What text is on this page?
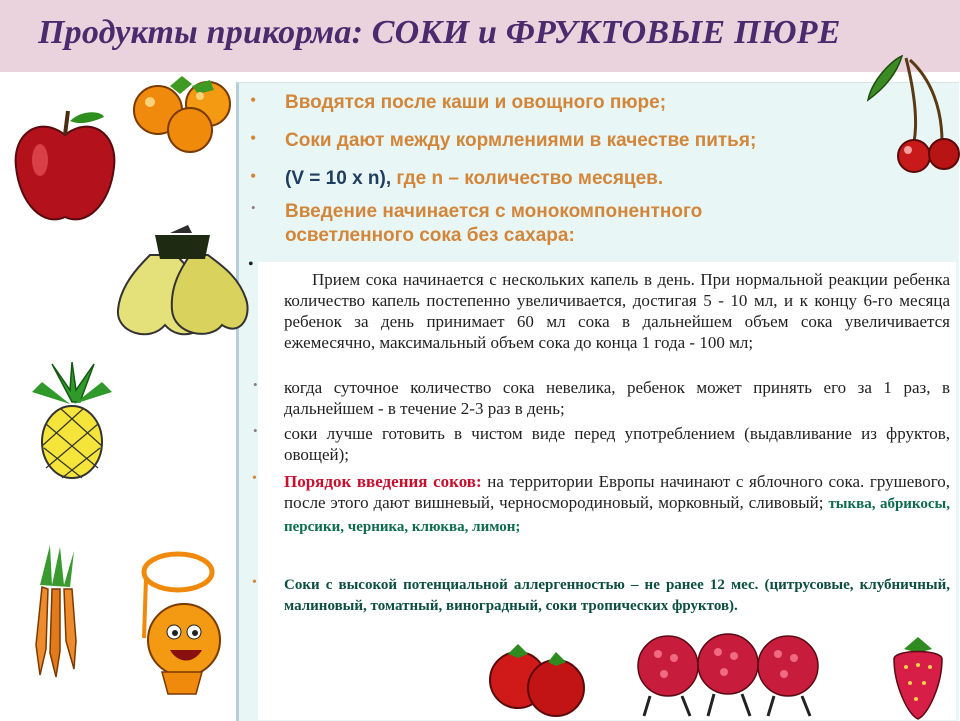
Продукты прикорма: СОКИ и ФРУКТОВЫЕ ПЮРЕ
• Вводятся после каши и овощного пюре;
• Соки дают между кормлениями в качестве питья;
• (V = 10 x n), где n – количество месяцев.
• Введение начинается с монокомпонентного
осветленного сока без сахара:
•
Прием сока начинается с нескольких капель в день. При нормальной реакции ребенка количество капель постепенно увеличивается, достигая 5 - 10 мл, и к концу 6-го месяца ребенок за день принимает 60 мл сока в дальнейшем объем сока увеличивается ежемесячно, максимальный объем сока до конца 1 года - 100 мл;
• когда суточное количество сока невелика, ребенок может принять его за 1 раз, в дальнейшем - в течение 2-3 раз в день;
• соки лучше готовить в чистом виде перед употреблением (выдавливание из фруктов, овощей);
• Порядок введения соков: на территории Европы начинают с яблочного сока. грушевого, после этого дают вишневый, черносмородиновый, морковный, сливовый; тыква, абрикосы, персики, черника, клюква, лимон;
• Соки с высокой потенциальной аллергенностью – не ранее 12 мес. (цитрусовые, клубничный, малиновый, томатный, виноградный, соки тропических фруктов).
